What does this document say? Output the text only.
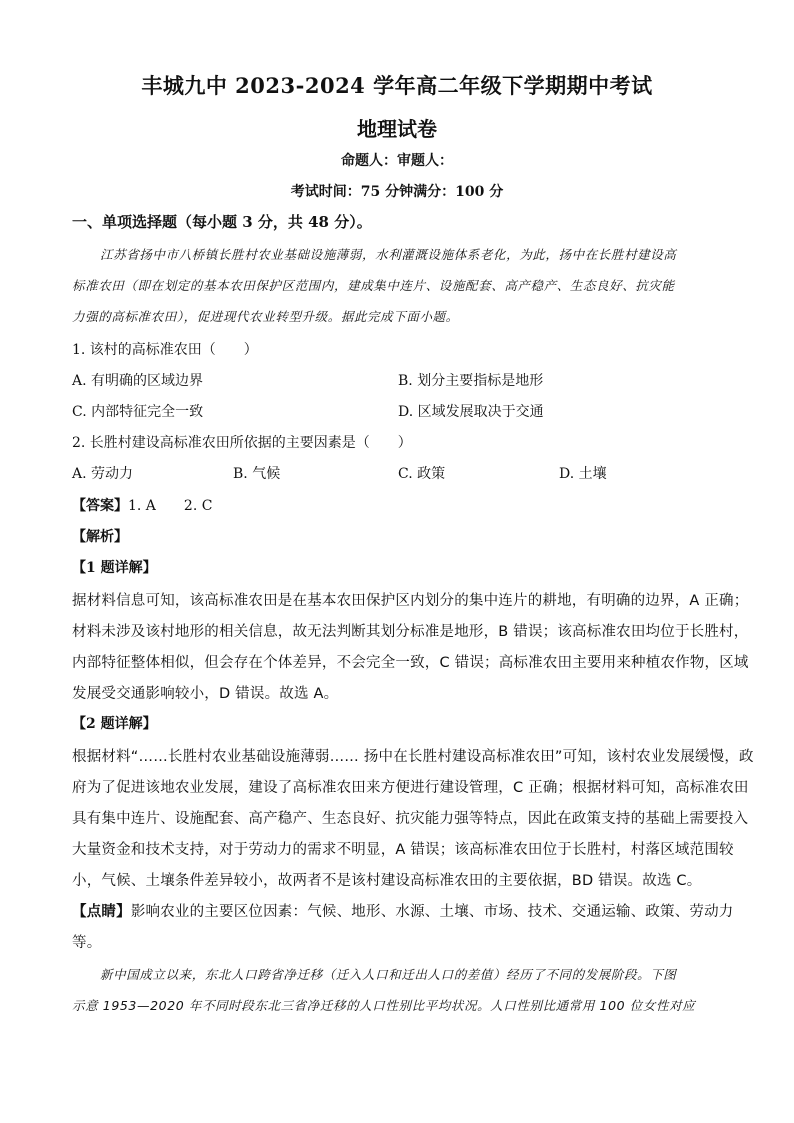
丰城九中 2023-2024 学年高二年级下学期期中考试
地理试卷
命题人：审题人：
考试时间：75 分钟满分：100 分
一、单项选择题（每小题 3 分，共 48 分）。
江苏省扬中市八桥镇长胜村农业基础设施薄弱，水利灌溉设施体系老化，为此，扬中在长胜村建设高
标准农田（即在划定的基本农田保护区范围内，建成集中连片、设施配套、高产稳产、生态良好、抗灾能
力强的高标准农田），促进现代农业转型升级。据此完成下面小题。
1. 该村的高标准农田（　　）
A. 有明确的区域边界	B. 划分主要指标是地形
C. 内部特征完全一致	D. 区域发展取决于交通
2. 长胜村建设高标准农田所依据的主要因素是（　　）
A. 劳动力	B. 气候	C. 政策	D. 土壤
【答案】1. A　　2. C
【解析】
【1 题详解】
据材料信息可知，该高标准农田是在基本农田保护区内划分的集中连片的耕地，有明确的边界，A 正确；
材料未涉及该村地形的相关信息，故无法判断其划分标准是地形，B 错误；该高标准农田均位于长胜村，
内部特征整体相似，但会存在个体差异，不会完全一致，C 错误；高标准农田主要用来种植农作物，区域
发展受交通影响较小，D 错误。故选 A。
【2 题详解】
根据材料“……长胜村农业基础设施薄弱…… 扬中在长胜村建设高标准农田”可知，该村农业发展缓慢，政
府为了促进该地农业发展，建设了高标准农田来方便进行建设管理，C 正确；根据材料可知，高标准农田
具有集中连片、设施配套、高产稳产、生态良好、抗灾能力强等特点，因此在政策支持的基础上需要投入
大量资金和技术支持，对于劳动力的需求不明显，A 错误；该高标准农田位于长胜村，村落区域范围较
小，气候、土壤条件差异较小，故两者不是该村建设高标准农田的主要依据，BD 错误。故选 C。
【点睛】影响农业的主要区位因素：气候、地形、水源、土壤、市场、技术、交通运输、政策、劳动力
等。
新中国成立以来，东北人口跨省净迁移（迁入人口和迁出人口的差值）经历了不同的发展阶段。下图
示意 1953—2020 年不同时段东北三省净迁移的人口性别比平均状况。人口性别比通常用 100 位女性对应
